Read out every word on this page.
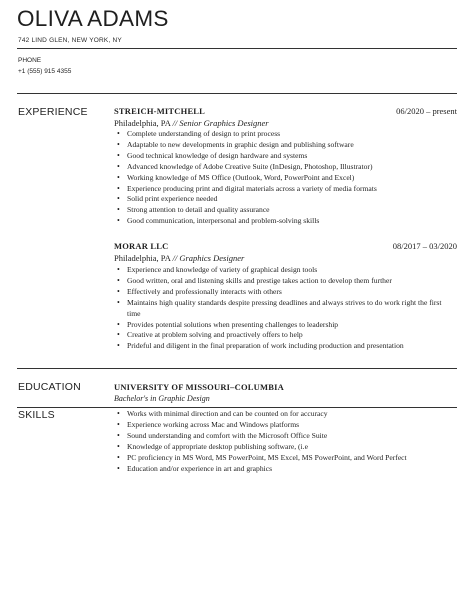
OLIVA ADAMS
742 LIND GLEN, NEW YORK, NY
PHONE
+1 (555) 915 4355
EXPERIENCE	STREICH-MITCHELL	06/2020 – present
Philadelphia, PA // Senior Graphics Designer
• Complete understanding of design to print process
• Adaptable to new developments in graphic design and publishing software
• Good technical knowledge of design hardware and systems
• Advanced knowledge of Adobe Creative Suite (InDesign, Photoshop, Illustrator)
• Working knowledge of MS Office (Outlook, Word, PowerPoint and Excel)
• Experience producing print and digital materials across a variety of media formats
• Solid print experience needed
• Strong attention to detail and quality assurance
• Good communication, interpersonal and problem-solving skills
MORAR LLC	08/2017 – 03/2020
Philadelphia, PA // Graphics Designer
• Experience and knowledge of variety of graphical design tools
• Good written, oral and listening skills and prestige takes action to develop them further
• Effectively and professionally interacts with others
• Maintains high quality standards despite pressing deadlines and always strives to do work right the first time
• Provides potential solutions when presenting challenges to leadership
• Creative at problem solving and proactively offers to help
• Prideful and diligent in the final preparation of work including production and presentation
EDUCATION	UNIVERSITY OF MISSOURI–COLUMBIA
Bachelor's in Graphic Design
SKILLS
•	Works with minimal direction and can be counted on for accuracy
• Experience working across Mac and Windows platforms
• Sound understanding and comfort with the Microsoft Office Suite
• Knowledge of appropriate desktop publishing software, (i.e
• PC proficiency in MS Word, MS PowerPoint, MS Excel, MS PowerPoint, and Word Perfect
• Education and/or experience in art and graphics
